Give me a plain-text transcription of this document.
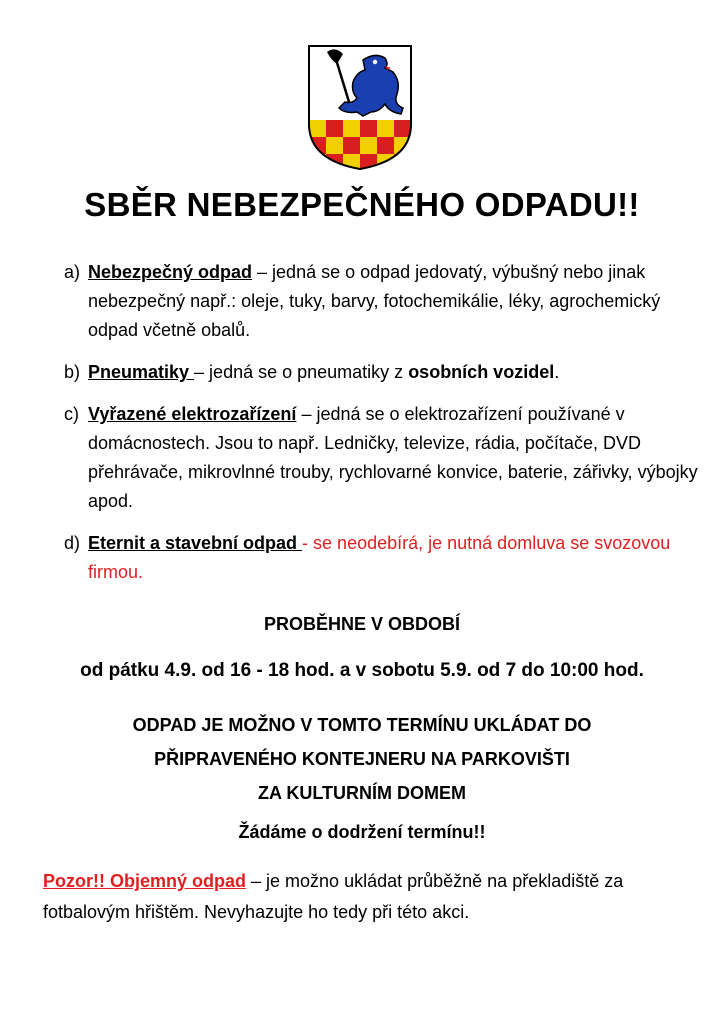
SBĚR NEBEZPEČNÉHO ODPADU!!
a) Nebezpečný odpad – jedná se o odpad jedovatý, výbušný nebo jinak nebezpečný např.: oleje, tuky, barvy, fotochemikálie, léky, agrochemický odpad včetně obalů.
b) Pneumatiky – jedná se o pneumatiky z osobních vozidel.
c) Vyřazené elektrozařízení – jedná se o elektrozařízení používané v domácnostech. Jsou to např. Ledničky, televize, rádia, počítače, DVD přehrávače, mikrovlnné trouby, rychlovarné konvice, baterie, zářivky, výbojky apod.
d) Eternit a stavební odpad - se neodebírá, je nutná domluva se svozovou firmou.
PROBĚHNE V OBDOBÍ
od pátku 4.9. od 16 - 18 hod. a v sobotu 5.9. od 7 do 10:00 hod.
ODPAD JE MOŽNO V TOMTO TERMÍNU UKLÁDAT DO
PŘIPRAVENÉHO KONTEJNERU NA PARKOVIŠTI
ZA KULTURNÍM DOMEM
Žádáme o dodržení termínu!!
Pozor!! Objemný odpad – je možno ukládat průběžně na překladiště za fotbalovým hřištěm. Nevyhazujte ho tedy při této akci.
